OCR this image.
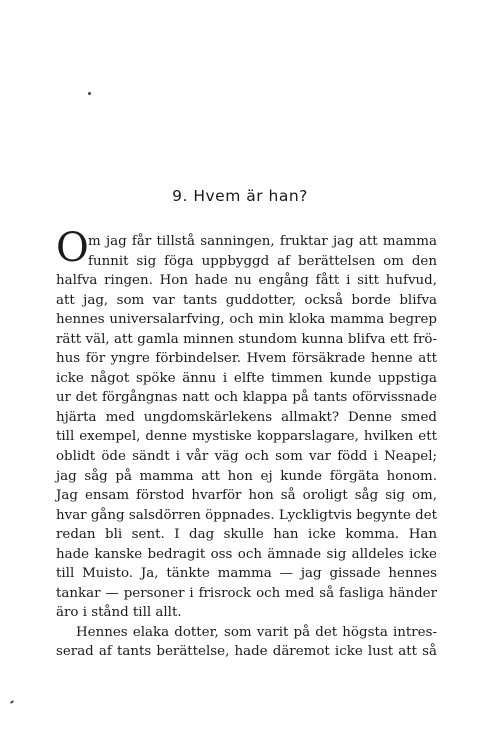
9. Hvem är han?
O m jag får tillstå sanningen, fruktar jag att mamma
funnit sig föga uppbyggd af berättelsen om den
halfva ringen. Hon hade nu engång fått i sitt hufvud,
att jag, som var tants guddotter, också borde blifva
hennes universalarfving, och min kloka mamma begrep
rätt väl, att gamla minnen stundom kunna blifva ett frö-
hus för yngre förbindelser. Hvem försäkrade henne att
icke något spöke ännu i elfte timmen kunde uppstiga
ur det förgångnas natt och klappa på tants oförvissnade
hjärta med ungdomskärlekens allmakt? Denne smed
till exempel, denne mystiske kopparslagare, hvilken ett
oblidt öde sändt i vår väg och som var född i Neapel;
jag såg på mamma att hon ej kunde förgäta honom.
Jag ensam förstod hvarför hon så oroligt såg sig om,
hvar gång salsdörren öppnades. Lyckligtvis begynte det
redan bli sent. I dag skulle han icke komma. Han
hade kanske bedragit oss och ämnade sig alldeles icke
till Muisto. Ja, tänkte mamma — jag gissade hennes
tankar — personer i frisrock och med så fasliga händer
äro i stånd till allt.
Hennes elaka dotter, som varit på det högsta intres-
serad af tants berättelse, hade däremot icke lust att så
